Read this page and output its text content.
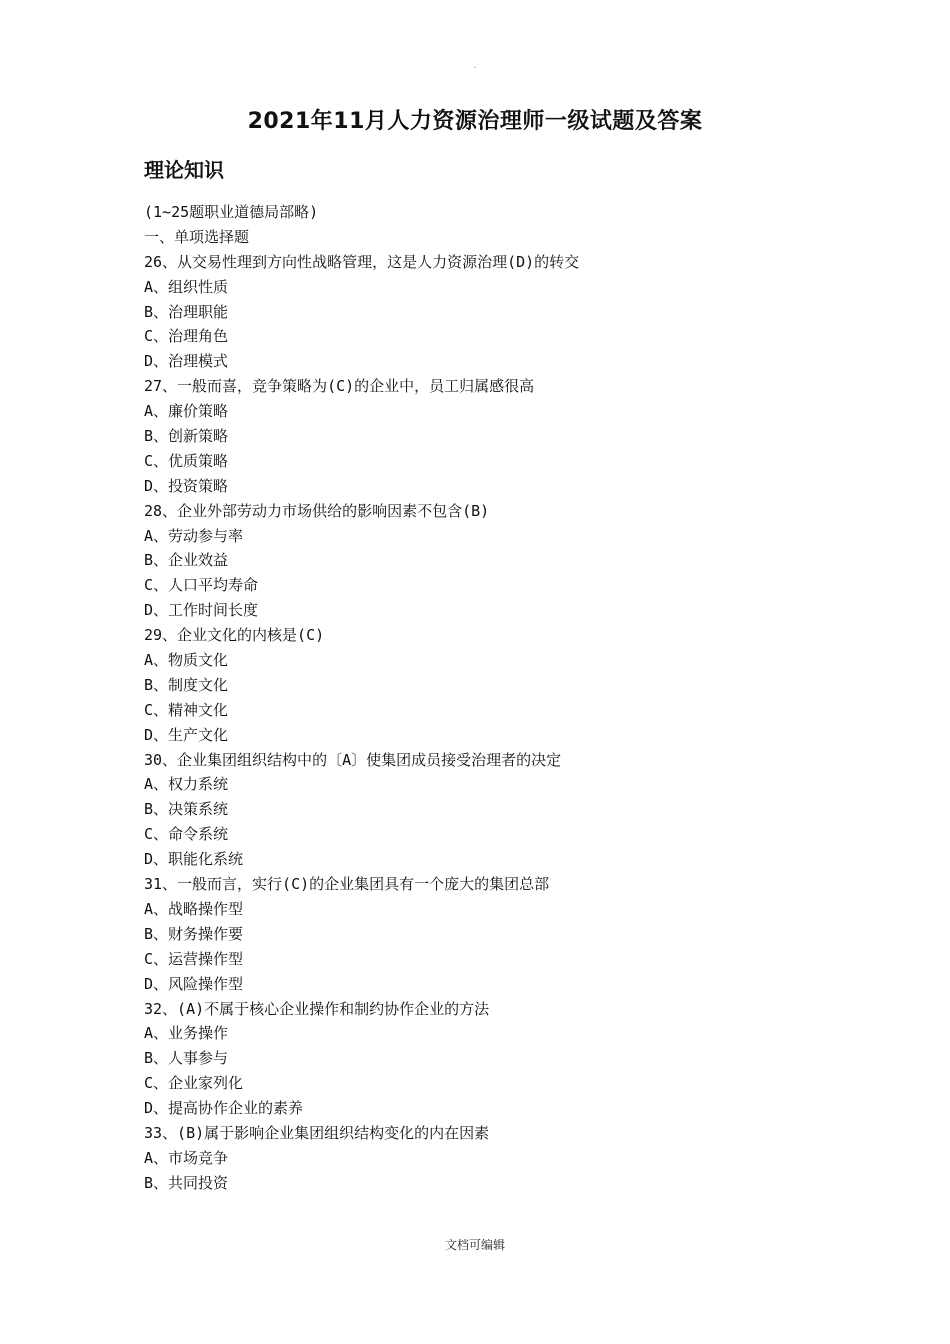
.
2021年11月人力资源治理师一级试题及答案
理论知识
(1~25题职业道德局部略)
一、单项选择题
26、从交易性理到方向性战略管理，这是人力资源治理(D)的转交
A、组织性质
B、治理职能
C、治理角色
D、治理模式
27、一般而喜，竞争策略为(C)的企业中，员工归属感很高
A、廉价策略
B、创新策略
C、优质策略
D、投资策略
28、企业外部劳动力市场供给的影响因素不包含(B)
A、劳动参与率
B、企业效益
C、人口平均寿命
D、工作时间长度
29、企业文化的内核是(C)
A、物质文化
B、制度文化
C、精神文化
D、生产文化
30、企业集团组织结构中的〔A〕使集团成员接受治理者的决定
A、权力系统
B、决策系统
C、命令系统
D、职能化系统
31、一般而言，实行(C)的企业集团具有一个庞大的集团总部
A、战略操作型
B、财务操作要
C、运营操作型
D、风险操作型
32、(A)不属于核心企业操作和制约协作企业的方法
A、业务操作
B、人事参与
C、企业家列化
D、提高协作企业的素养
33、(B)属于影响企业集团组织结构变化的内在因素
A、市场竞争
B、共同投资
文档可编辑
